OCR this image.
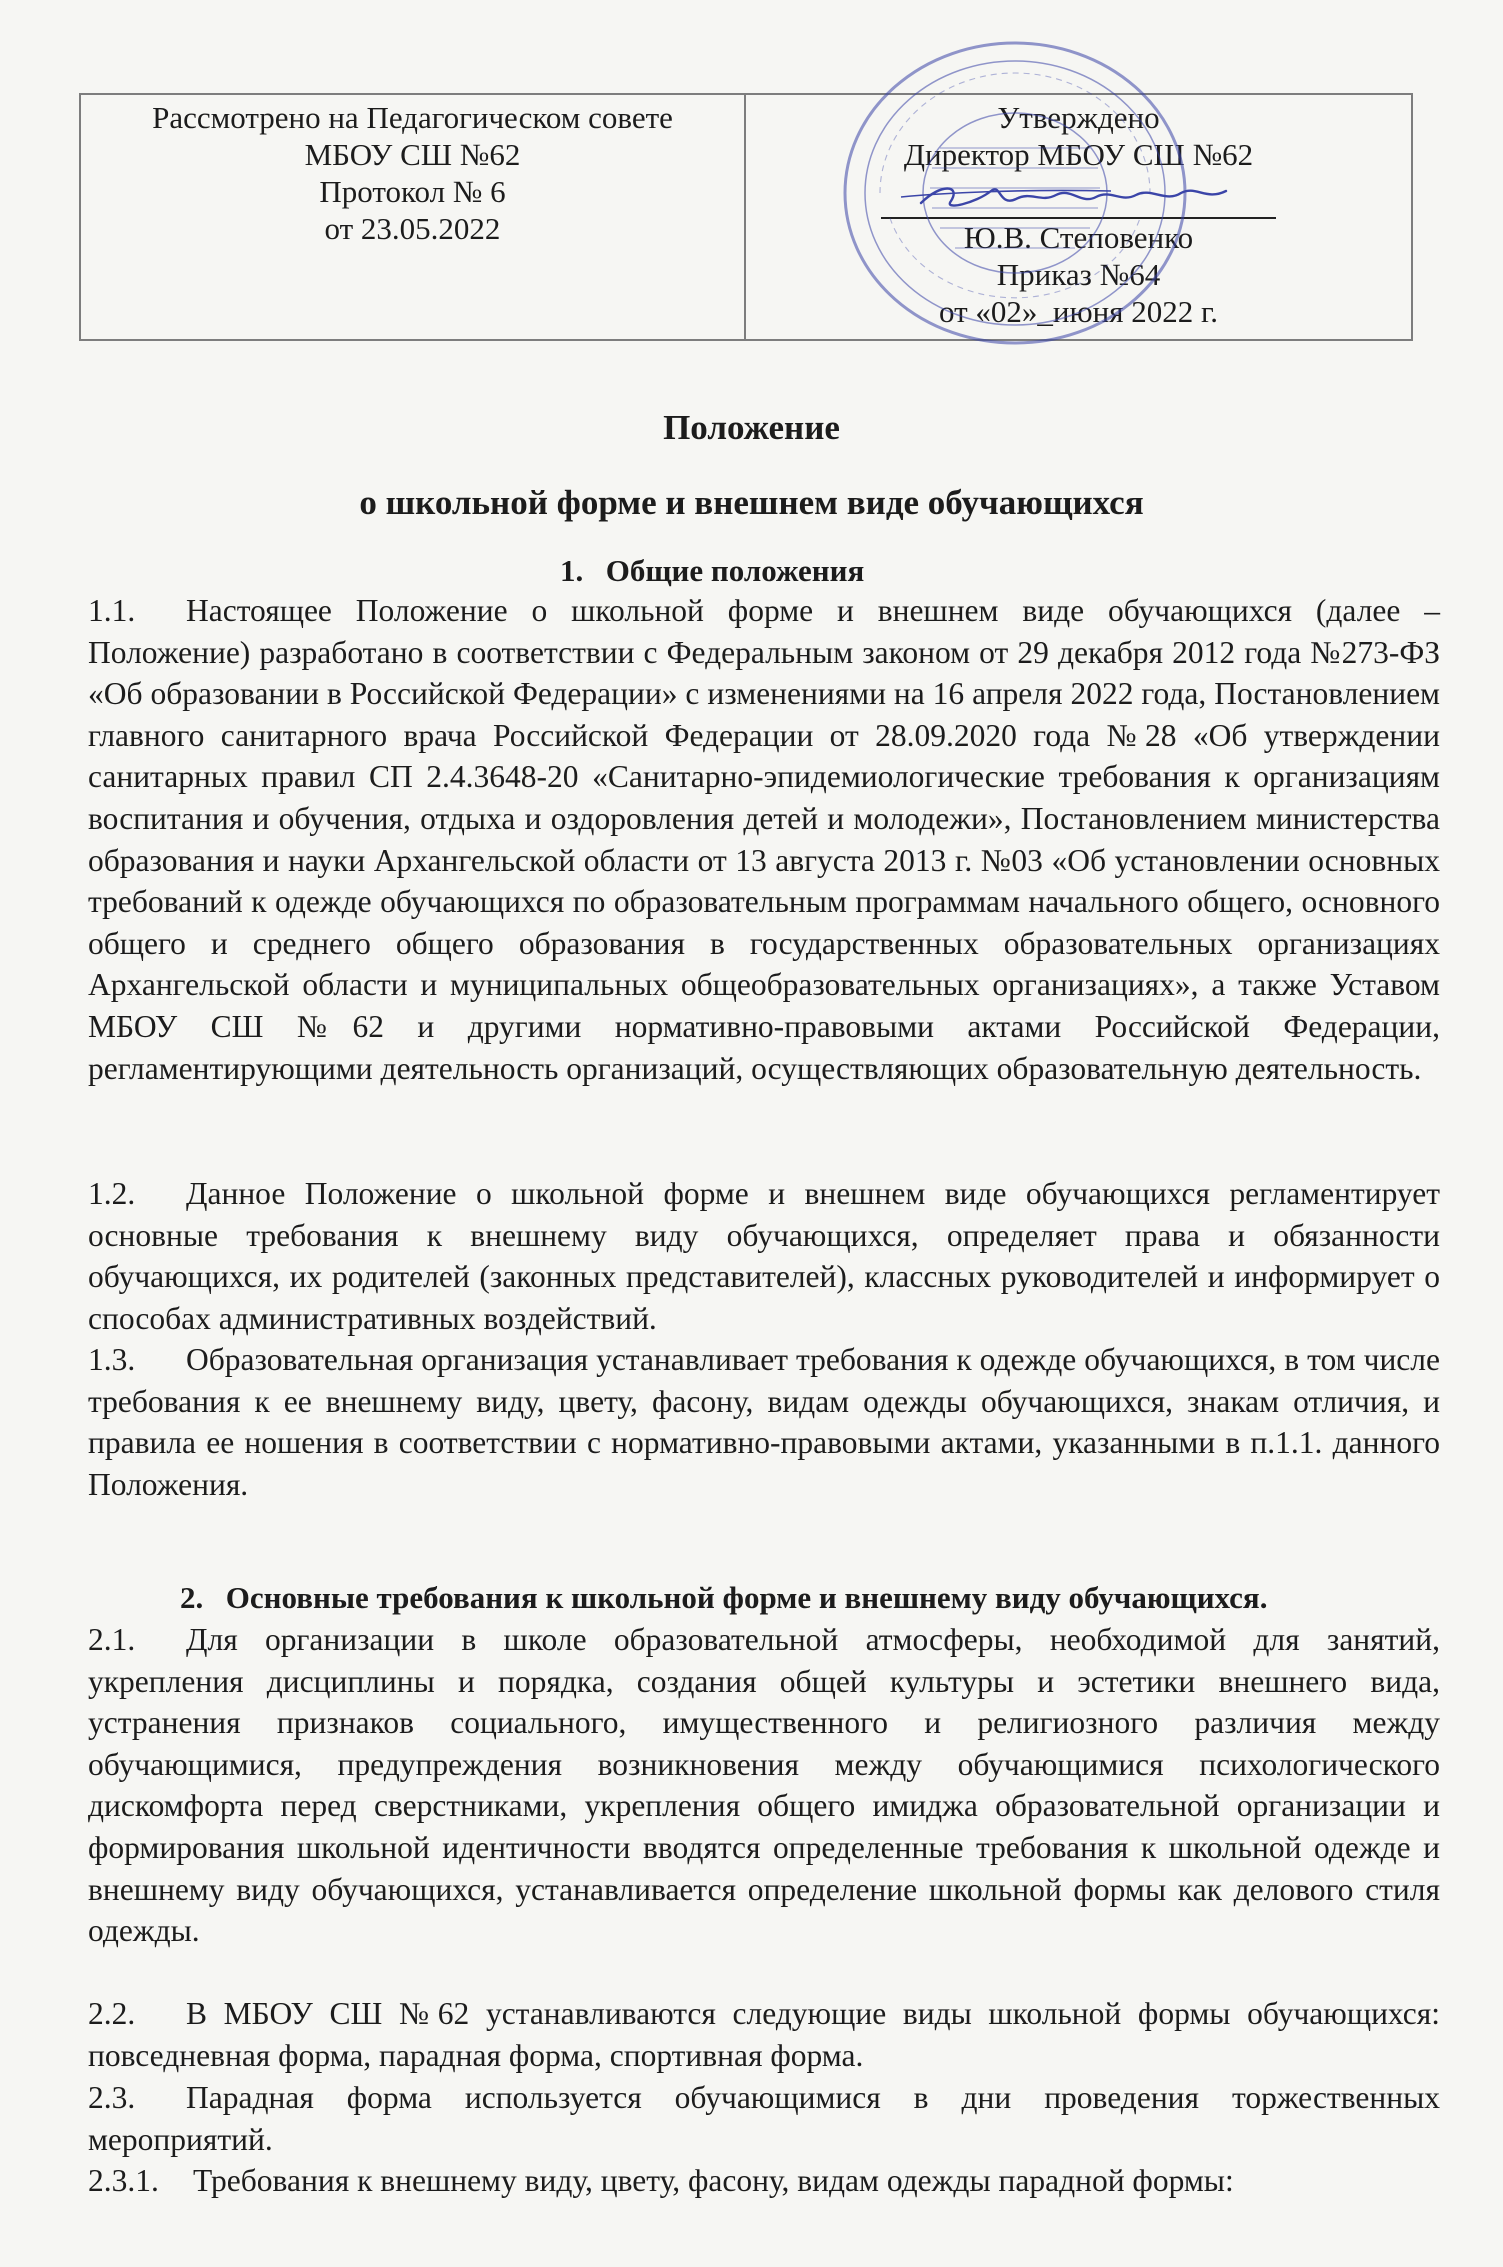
Рассмотрено на Педагогическом совете
МБОУ СШ №62
Протокол № 6
от 23.05.2022
Утверждено
Директор МБОУ СШ №62
Ю.В. Степовенко
Приказ №64
от «02»_июня 2022 г.
Положение
о школьной форме и внешнем виде обучающихся
1. Общие положения
1.1. Настоящее Положение о школьной форме и внешнем виде обучающихся (далее – Положение) разработано в соответствии с Федеральным законом от 29 декабря 2012 года №273-ФЗ «Об образовании в Российской Федерации» с изменениями на 16 апреля 2022 года, Постановлением главного санитарного врача Российской Федерации от 28.09.2020 года №28 «Об утверждении санитарных правил СП 2.4.3648-20 «Санитарно-эпидемиологические требования к организациям воспитания и обучения, отдыха и оздоровления детей и молодежи», Постановлением министерства образования и науки Архангельской области от 13 августа 2013 г. №03 «Об установлении основных требований к одежде обучающихся по образовательным программам начального общего, основного общего и среднего общего образования в государственных образовательных организациях Архангельской области и муниципальных общеобразовательных организациях», а также Уставом МБОУ СШ №62 и другими нормативно-правовыми актами Российской Федерации, регламентирующими деятельность организаций, осуществляющих образовательную деятельность.
1.2. Данное Положение о школьной форме и внешнем виде обучающихся регламентирует основные требования к внешнему виду обучающихся, определяет права и обязанности обучающихся, их родителей (законных представителей), классных руководителей и информирует о способах административных воздействий.
1.3. Образовательная организация устанавливает требования к одежде обучающихся, в том числе требования к ее внешнему виду, цвету, фасону, видам одежды обучающихся, знакам отличия, и правила ее ношения в соответствии с нормативно-правовыми актами, указанными в п.1.1. данного Положения.
2. Основные требования к школьной форме и внешнему виду обучающихся.
2.1. Для организации в школе образовательной атмосферы, необходимой для занятий, укрепления дисциплины и порядка, создания общей культуры и эстетики внешнего вида, устранения признаков социального, имущественного и религиозного различия между обучающимися, предупреждения возникновения между обучающимися психологического дискомфорта перед сверстниками, укрепления общего имиджа образовательной организации и формирования школьной идентичности вводятся определенные требования к школьной одежде и внешнему виду обучающихся, устанавливается определение школьной формы как делового стиля одежды.
2.2. В МБОУ СШ №62 устанавливаются следующие виды школьной формы обучающихся: повседневная форма, парадная форма, спортивная форма.
2.3. Парадная форма используется обучающимися в дни проведения торжественных мероприятий.
2.3.1. Требования к внешнему виду, цвету, фасону, видам одежды парадной формы:
